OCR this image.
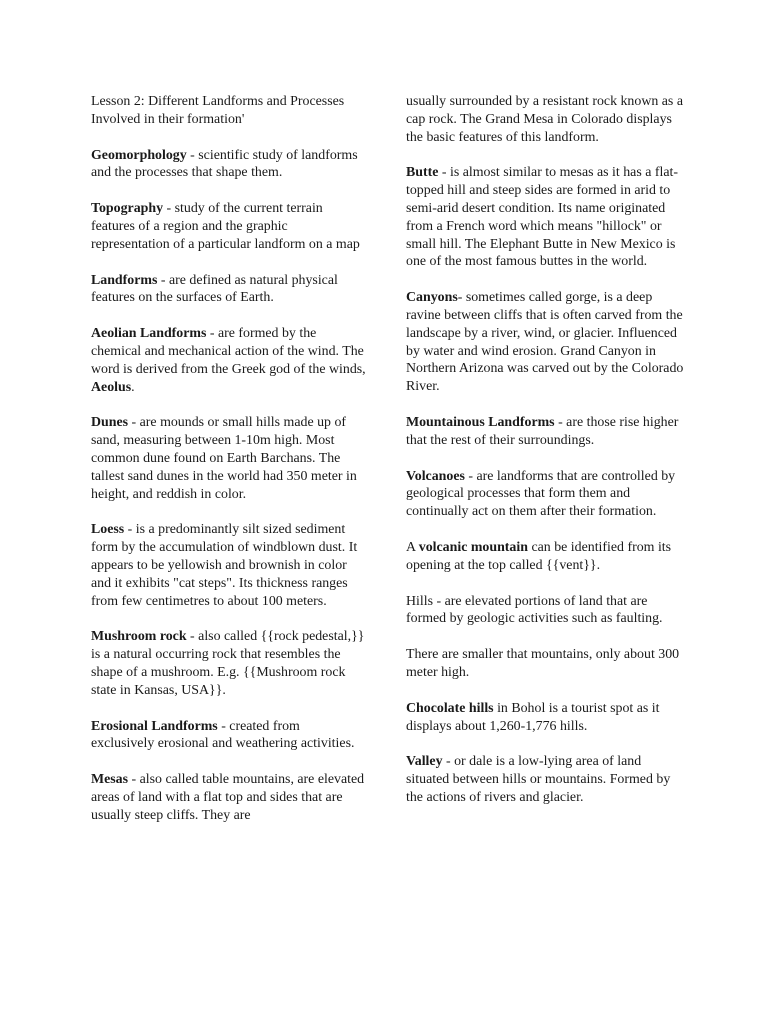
Lesson 2: Different Landforms and Processes Involved in their formation'

Geomorphology - scientific study of landforms and the processes that shape them.

Topography - study of the current terrain features of a region and the graphic representation of a particular landform on a map

Landforms - are defined as natural physical features on the surfaces of Earth.

Aeolian Landforms - are formed by the chemical and mechanical action of the wind. The word is derived from the Greek god of the winds, Aeolus.

Dunes - are mounds or small hills made up of sand, measuring between 1-10m high. Most common dune found on Earth Barchans. The tallest sand dunes in the world had 350 meter in height, and reddish in color.

Loess - is a predominantly silt sized sediment form by the accumulation of windblown dust. It appears to be yellowish and brownish in color and it exhibits "cat steps". Its thickness ranges from few centimetres to about 100 meters.

Mushroom rock - also called {{rock pedestal,}} is a natural occurring rock that resembles the shape of a mushroom. E.g. {{Mushroom rock state in Kansas, USA}}.

Erosional Landforms - created from exclusively erosional and weathering activities.

Mesas - also called table mountains, are elevated areas of land with a flat top and sides that are usually steep cliffs. They are

usually surrounded by a resistant rock known as a cap rock. The Grand Mesa in Colorado displays the basic features of this landform.

Butte - is almost similar to mesas as it has a flat-topped hill and steep sides are formed in arid to semi-arid desert condition. Its name originated from a French word which means "hillock" or small hill. The Elephant Butte in New Mexico is one of the most famous buttes in the world.

Canyons- sometimes called gorge, is a deep ravine between cliffs that is often carved from the landscape by a river, wind, or glacier. Influenced by water and wind erosion. Grand Canyon in Northern Arizona was carved out by the Colorado River.

Mountainous Landforms - are those rise higher that the rest of their surroundings.

Volcanoes - are landforms that are controlled by geological processes that form them and continually act on them after their formation.

A volcanic mountain can be identified from its opening at the top called {{vent}}.

Hills - are elevated portions of land that are formed by geologic activities such as faulting.

There are smaller that mountains, only about 300 meter high.

Chocolate hills in Bohol is a tourist spot as it displays about 1,260-1,776 hills.

Valley - or dale is a low-lying area of land situated between hills or mountains. Formed by the actions of rivers and glacier.
